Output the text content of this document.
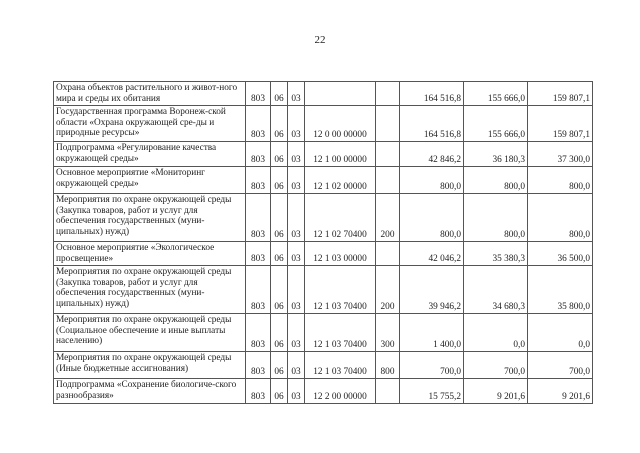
22
Охрана объектов растительного и живот-ного мира и среды их обитания	803	06	03			164 516,8	155 666,0	159 807,1
Государственная программа Воронеж-ской области «Охрана окружающей сре-ды и природные ресурсы»	803	06	03	12 0 00 00000		164 516,8	155 666,0	159 807,1
Подпрограмма «Регулирование качества окружающей среды»	803	06	03	12 1 00 00000		42 846,2	36 180,3	37 300,0
Основное мероприятие «Мониторинг окружающей среды»	803	06	03	12 1 02 00000		800,0	800,0	800,0
Мероприятия по охране окружающей среды (Закупка товаров, работ и услуг для обеспечения государственных (муни-ципальных) нужд)	803	06	03	12 1 02 70400	200	800,0	800,0	800,0
Основное мероприятие «Экологическое просвещение»	803	06	03	12 1 03 00000		42 046,2	35 380,3	36 500,0
Мероприятия по охране окружающей среды (Закупка товаров, работ и услуг для обеспечения государственных (муни-ципальных) нужд)	803	06	03	12 1 03 70400	200	39 946,2	34 680,3	35 800,0
Мероприятия по охране окружающей среды (Социальное обеспечение и иные выплаты населению)	803	06	03	12 1 03 70400	300	1 400,0	0,0	0,0
Мероприятия по охране окружающей среды (Иные бюджетные ассигнования)	803	06	03	12 1 03 70400	800	700,0	700,0	700,0
Подпрограмма «Сохранение биологиче-ского разнообразия»	803	06	03	12 2 00 00000		15 755,2	9 201,6	9 201,6
